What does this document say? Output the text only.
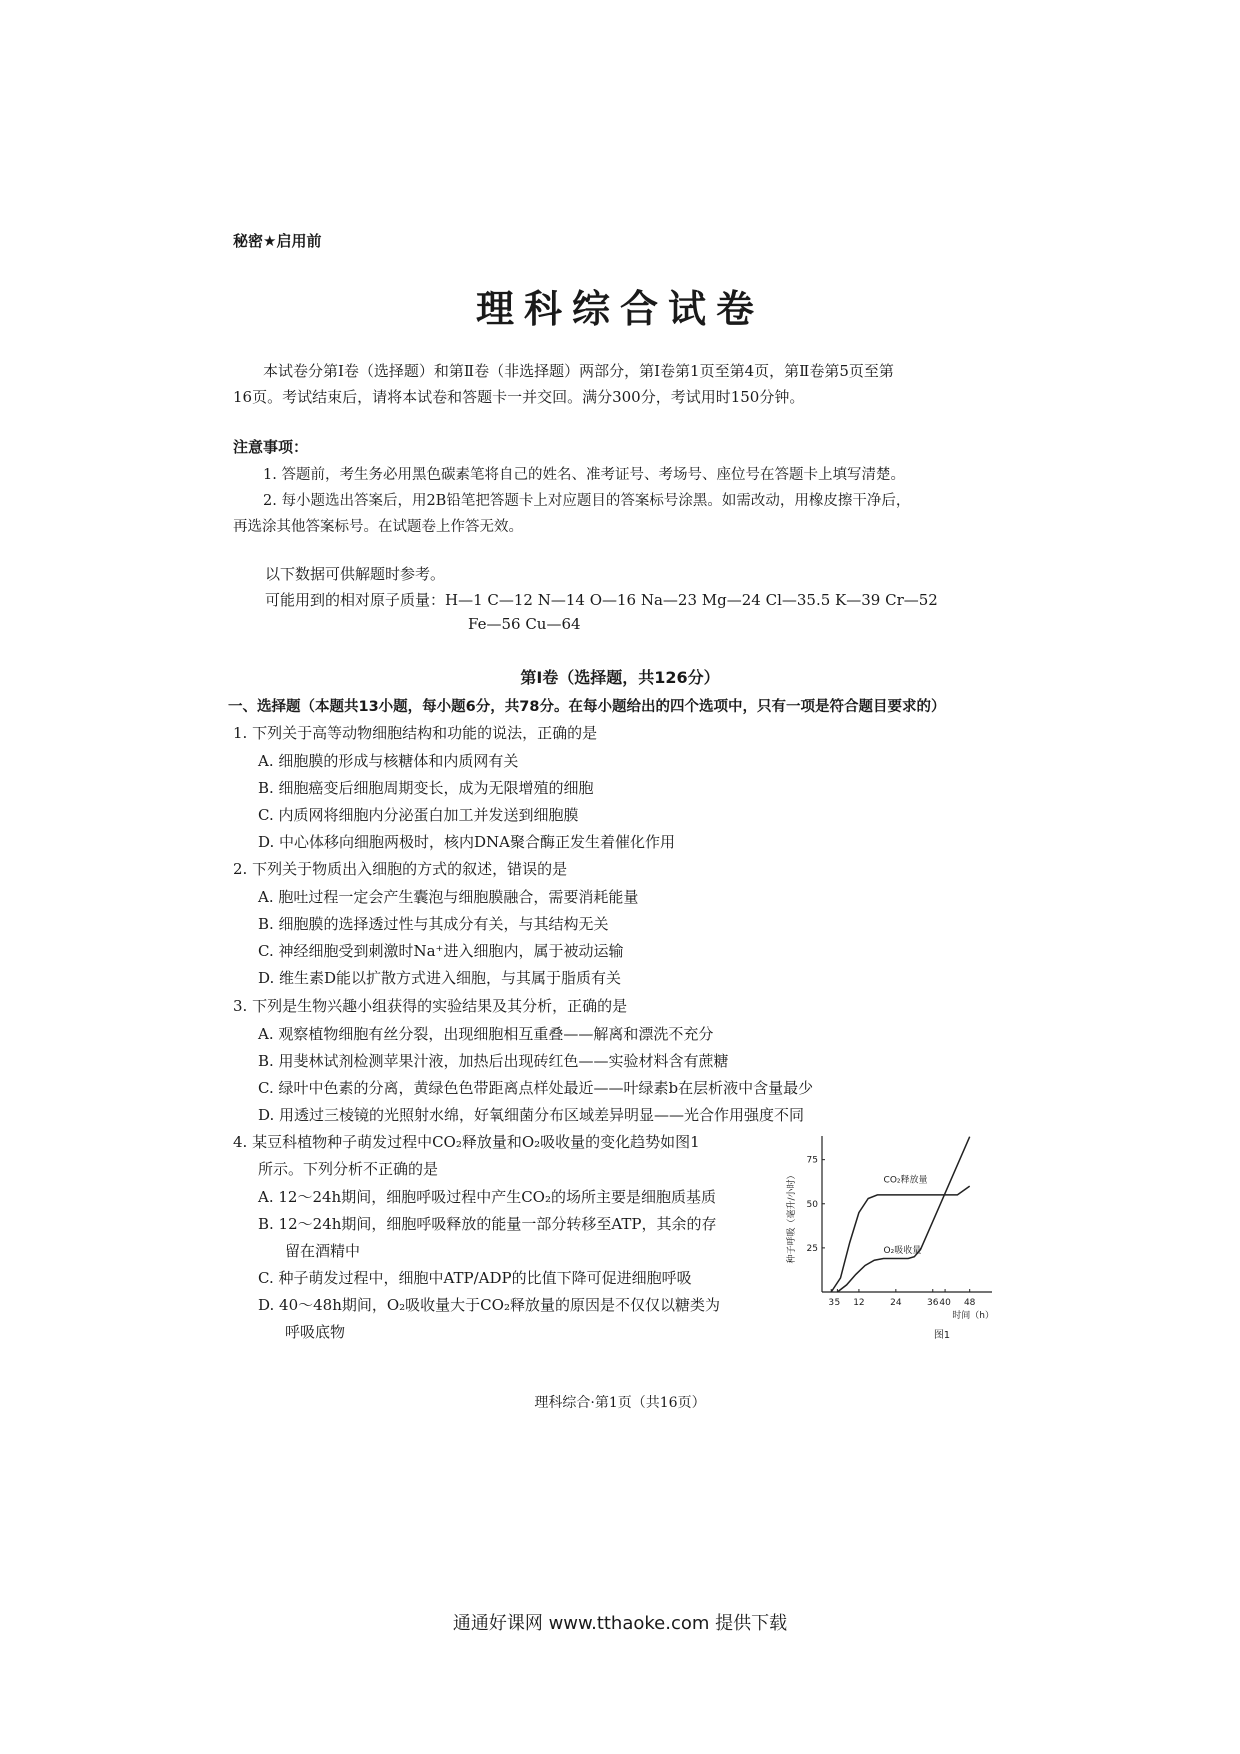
秘密★启用前
理科综合试卷
本试卷分第Ⅰ卷（选择题）和第Ⅱ卷（非选择题）两部分，第Ⅰ卷第1页至第4页，第Ⅱ卷第5页至第
16页。考试结束后，请将本试卷和答题卡一并交回。满分300分，考试用时150分钟。
注意事项：
1. 答题前，考生务必用黑色碳素笔将自己的姓名、准考证号、考场号、座位号在答题卡上填写清楚。
2. 每小题选出答案后，用2B铅笔把答题卡上对应题目的答案标号涂黑。如需改动，用橡皮擦干净后，
再选涂其他答案标号。在试题卷上作答无效。
以下数据可供解题时参考。
可能用到的相对原子质量：H—1 C—12 N—14 O—16 Na—23 Mg—24 Cl—35.5 K—39 Cr—52
Fe—56 Cu—64
第Ⅰ卷（选择题，共126分）
一、选择题（本题共13小题，每小题6分，共78分。在每小题给出的四个选项中，只有一项是符合题目要求的）
1. 下列关于高等动物细胞结构和功能的说法，正确的是
A. 细胞膜的形成与核糖体和内质网有关
B. 细胞癌变后细胞周期变长，成为无限增殖的细胞
C. 内质网将细胞内分泌蛋白加工并发送到细胞膜
D. 中心体移向细胞两极时，核内DNA聚合酶正发生着催化作用
2. 下列关于物质出入细胞的方式的叙述，错误的是
A. 胞吐过程一定会产生囊泡与细胞膜融合，需要消耗能量
B. 细胞膜的选择透过性与其成分有关，与其结构无关
C. 神经细胞受到刺激时Na⁺进入细胞内，属于被动运输
D. 维生素D能以扩散方式进入细胞，与其属于脂质有关
3. 下列是生物兴趣小组获得的实验结果及其分析，正确的是
A. 观察植物细胞有丝分裂，出现细胞相互重叠——解离和漂洗不充分
B. 用斐林试剂检测苹果汁液，加热后出现砖红色——实验材料含有蔗糖
C. 绿叶中色素的分离，黄绿色色带距离点样处最近——叶绿素b在层析液中含量最少
D. 用透过三棱镜的光照射水绵，好氧细菌分布区域差异明显——光合作用强度不同
4. 某豆科植物种子萌发过程中CO₂释放量和O₂吸收量的变化趋势如图1
所示。下列分析不正确的是
A. 12～24h期间，细胞呼吸过程中产生CO₂的场所主要是细胞质基质
B. 12～24h期间，细胞呼吸释放的能量一部分转移至ATP，其余的存
留在酒精中
C. 种子萌发过程中，细胞中ATP/ADP的比值下降可促进细胞呼吸
D. 40～48h期间，O₂吸收量大于CO₂释放量的原因是不仅仅以糖类为
呼吸底物
3 5 12	24	36 40 48
25
50
75
CO₂释放量
O₂吸收量
种子呼吸（毫升/小时）
时间（h）
图1
理科综合·第1页（共16页）
通通好课网 www.tthaoke.com 提供下载
